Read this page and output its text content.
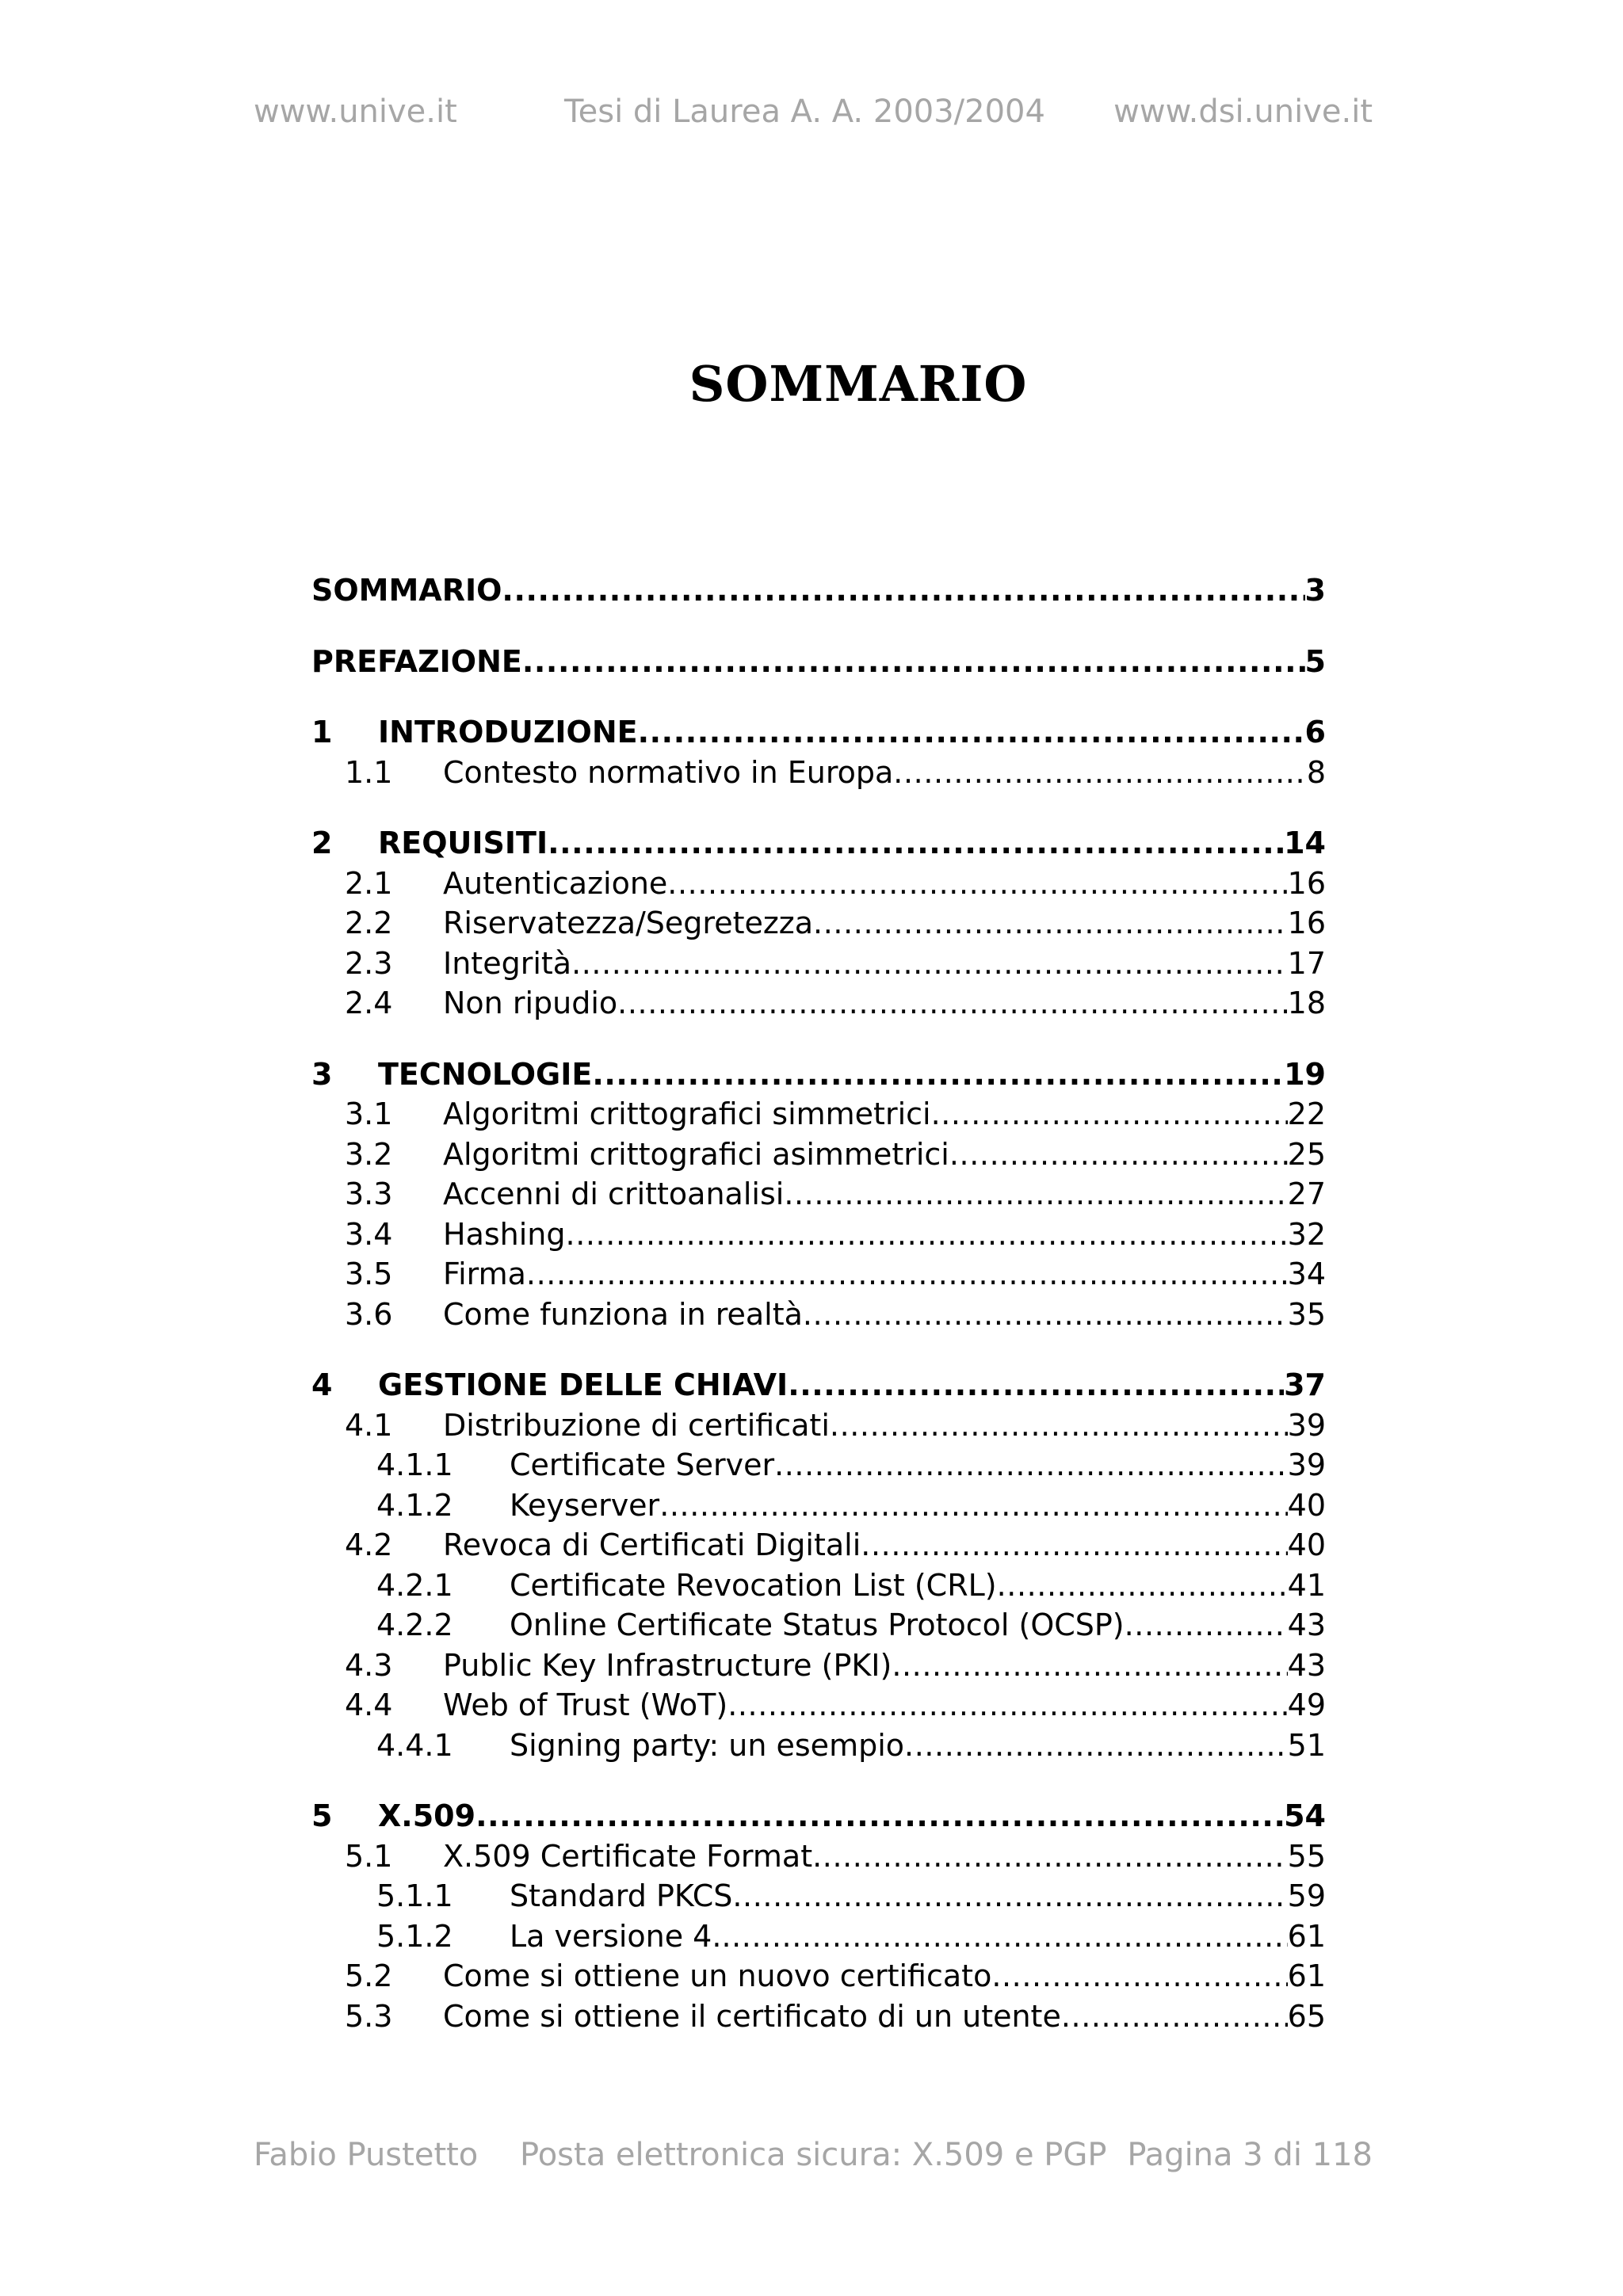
www.unive.it	Tesi di Laurea A. A. 2003/2004 www.dsi.unive.it
SOMMARIO
SOMMARIO .....	3
PREFAZIONE .....	5
1 INTRODUZIONE .....	6
1.1 Contesto normativo in Europa .....	8
2 REQUISITI .....	14
2.1 Autenticazione .....	16
2.2 Riservatezza/Segretezza .....	16
2.3 Integrità .....	17
2.4 Non ripudio .....	18
3 TECNOLOGIE .....	19
3.1 Algoritmi crittografici simmetrici .....	22
3.2 Algoritmi crittografici asimmetrici .....	25
3.3 Accenni di crittoanalisi .....	27
3.4 Hashing .....	32
3.5 Firma .....	34
3.6 Come funziona in realtà .....	35
4 GESTIONE DELLE CHIAVI .....	37
4.1 Distribuzione di certificati .....	39
4.1.1 Certificate Server .....	39
4.1.2 Keyserver .....	40
4.2 Revoca di Certificati Digitali .....	40
4.2.1 Certificate Revocation List (CRL) .....	41
4.2.2 Online Certificate Status Protocol (OCSP) .....	43
4.3 Public Key Infrastructure (PKI) .....	43
4.4 Web of Trust (WoT) .....	49
4.4.1 Signing party: un esempio .....	51
5 X.509 .....	54
5.1 X.509 Certificate Format .....	55
5.1.1 Standard PKCS .....	59
5.1.2 La versione 4. .....	61
5.2 Come si ottiene un nuovo certificato .....	61
5.3 Come si ottiene il certificato di un utente .....	65
Fabio Pustetto Posta elettronica sicura: X.509 e PGP Pagina 3 di 118
